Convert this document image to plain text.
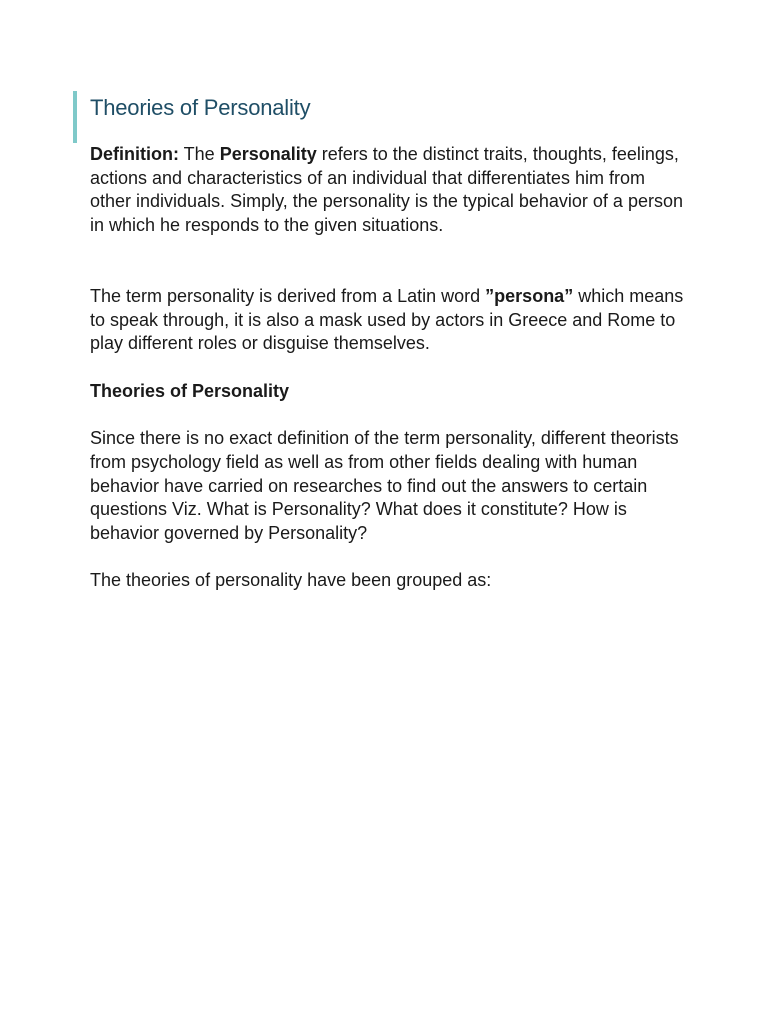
Theories of Personality

Definition: The Personality refers to the distinct traits, thoughts, feelings, actions and characteristics of an individual that differentiates him from other individuals. Simply, the personality is the typical behavior of a person in which he responds to the given situations.

The term personality is derived from a Latin word ”persona” which means to speak through, it is also a mask used by actors in Greece and Rome to play different roles or disguise themselves.

Theories of Personality

Since there is no exact definition of the term personality, different theorists from psychology field as well as from other fields dealing with human behavior have carried on researches to find out the answers to certain questions Viz. What is Personality? What does it constitute? How is behavior governed by Personality?

The theories of personality have been grouped as:
